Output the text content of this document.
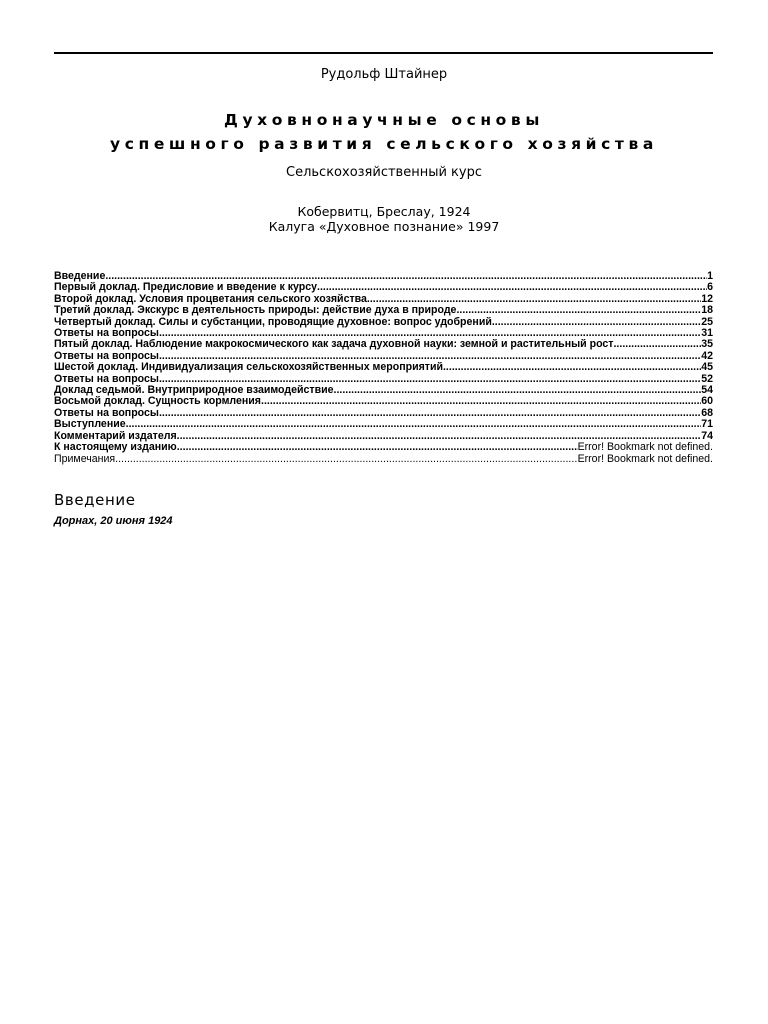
Рудольф Штайнер
Духовнонаучные основы
успешного развития сельского хозяйства
Сельскохозяйственный курс
Кобервитц, Бреслау, 1924
Калуга «Духовное познание» 1997
Введение .....	1
Первый доклад. Предисловие и введение к курсу .....	6
Второй доклад. Условия процветания сельского хозяйства .....	12
Третий доклад. Экскурс в деятельность природы: действие духа в природе .....	18
Четвертый доклад. Силы и субстанции, проводящие духовное: вопрос удобрений .....	25
Ответы на вопросы .....	31
Пятый доклад. Наблюдение макрокосмического как задача духовной науки: земной и растительный рост .....	35
Ответы на вопросы .....	42
Шестой доклад. Индивидуализация сельскохозяйственных мероприятий .....	45
Ответы на вопросы .....	52
Доклад седьмой. Внутриприродное взаимодействие .....	54
Восьмой доклад. Сущность кормления .....	60
Ответы на вопросы .....	68
Выступление .....	71
Комментарий издателя .....	74
К настоящему изданию .....	Error! Bookmark not defined.
Примечания .....	Error! Bookmark not defined.
Введение
Дорнах, 20 июня 1924
